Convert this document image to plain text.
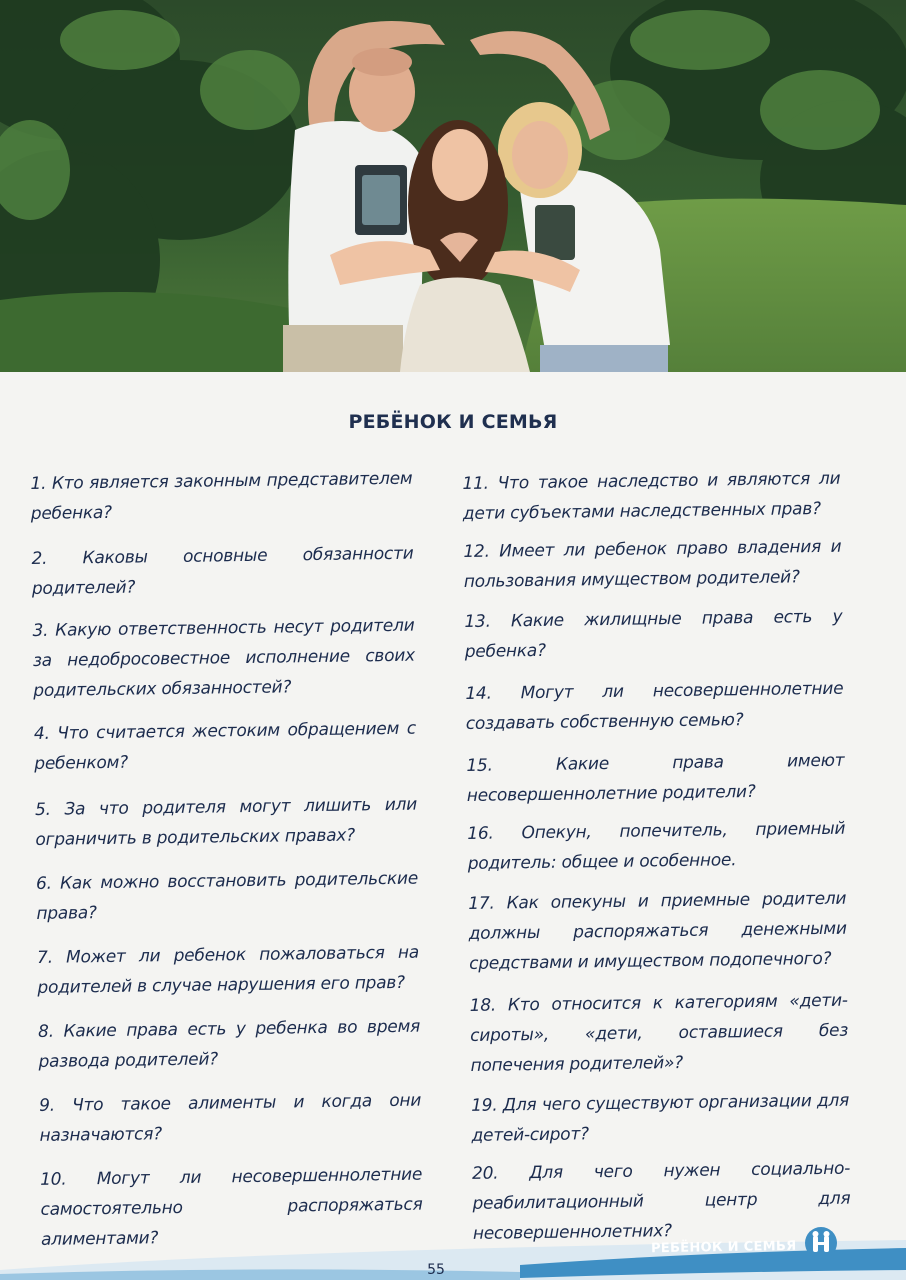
РЕБЁНОК И СЕМЬЯ

1. Кто является законным представителем ребенка?

2. Каковы основные обязанности родителей?

3. Какую ответственность несут родители за недобросовестное исполнение своих родительских обязанностей?

4. Что считается жестоким обращением с ребенком?

5. За что родителя могут лишить или ограничить в родительских правах?

6. Как можно восстановить родительские права?

7. Может ли ребенок пожаловаться на родителей в случае нарушения его прав?

8. Какие права есть у ребенка во время развода родителей?

9. Что такое алименты и когда они назначаются?

10. Могут ли несовершеннолетние самостоятельно распоряжаться алиментами?

11. Что такое наследство и являются ли дети субъектами наследственных прав?

12. Имеет ли ребенок право владения и пользования имуществом родителей?

13. Какие жилищные права есть у ребенка?

14. Могут ли несовершеннолетние создавать собственную семью?

15. Какие права имеют несовершеннолетние родители?

16. Опекун, попечитель, приемный родитель: общее и особенное.

17. Как опекуны и приемные родители должны распоряжаться денежными средствами и имуществом подопечного?

18. Кто относится к категориям «дети-сироты», «дети, оставшиеся без попечения родителей»?

19. Для чего существуют организации для детей-сирот?

20. Для чего нужен социально-реабилитационный центр для несовершеннолетних?

РЕБЁНОК И СЕМЬЯ
55
